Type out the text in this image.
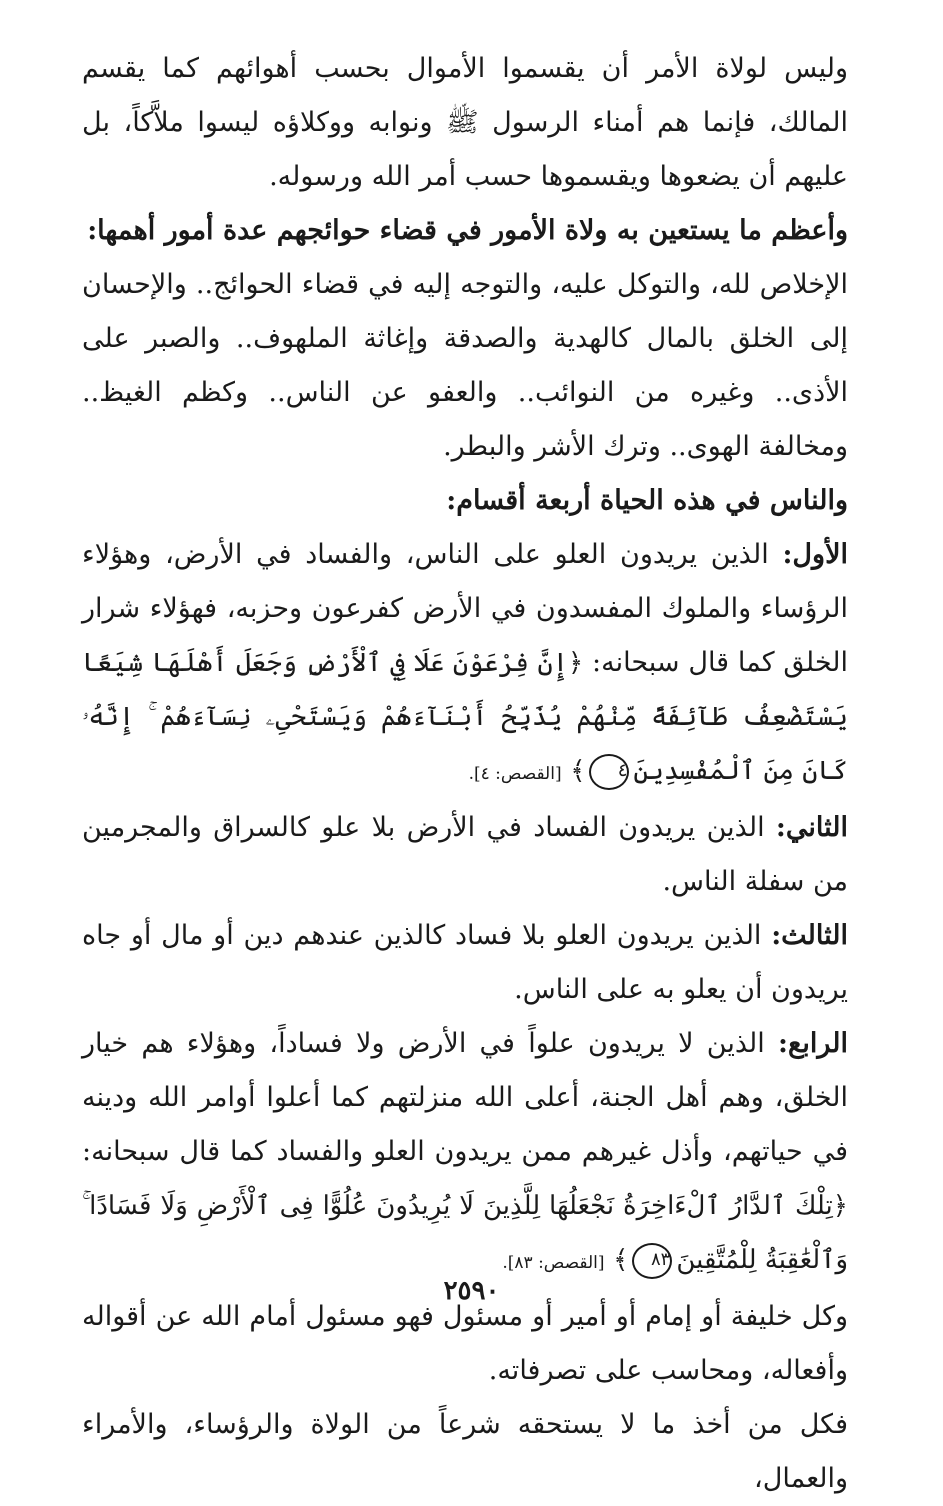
وليس لولاة الأمر أن يقسموا الأموال بحسب أهوائهم كما يقسم المالك، فإنما هم أمناء الرسول ﷺ ونوابه ووكلاؤه ليسوا ملاَّكاً، بل عليهم أن يضعوها ويقسموها حسب أمر الله ورسوله.

وأعظم ما يستعين به ولاة الأمور في قضاء حوائجهم عدة أمور أهمها:

الإخلاص لله، والتوكل عليه، والتوجه إليه في قضاء الحوائج.. والإحسان إلى الخلق بالمال كالهدية والصدقة وإغاثة الملهوف.. والصبر على الأذى.. وغيره من النوائب.. والعفو عن الناس.. وكظم الغيظ.. ومخالفة الهوى.. وترك الأشر والبطر.

والناس في هذه الحياة أربعة أقسام:

الأول: الذين يريدون العلو على الناس، والفساد في الأرض، وهؤلاء الرؤساء والملوك المفسدون في الأرض كفرعون وحزبه، فهؤلاء شرار الخلق كما قال سبحانه: ﴿إِنَّ فِرْعَوْنَ عَلَا فِي ٱلْأَرْضِ وَجَعَلَ أَهْلَهَا شِيَعًا يَسْتَضْعِفُ طَآئِفَةً مِّنْهُمْ يُذَبِّحُ أَبْنَآءَهُمْ وَيَسْتَحْىِۦ نِسَآءَهُمْ ۚ إِنَّهُۥ كَانَ مِنَ ٱلْمُفْسِدِينَ٤﴾ [القصص: ٤].

الثاني: الذين يريدون الفساد في الأرض بلا علو كالسراق والمجرمين من سفلة الناس.

الثالث: الذين يريدون العلو بلا فساد كالذين عندهم دين أو مال أو جاه يريدون أن يعلو به على الناس.

الرابع: الذين لا يريدون علواً في الأرض ولا فساداً، وهؤلاء هم خيار الخلق، وهم أهل الجنة، أعلى الله منزلتهم كما أعلوا أوامر الله ودينه في حياتهم، وأذل غيرهم ممن يريدون العلو والفساد كما قال سبحانه: ﴿تِلْكَ ٱلدَّارُ ٱلْءَاخِرَةُ نَجْعَلُهَا لِلَّذِينَ لَا يُرِيدُونَ عُلُوًّا فِى ٱلْأَرْضِ وَلَا فَسَادًا ۚ وَٱلْعَٰقِبَةُ لِلْمُتَّقِينَ٨٣﴾ [القصص: ٨٣].

وكل خليفة أو إمام أو أمير أو مسئول فهو مسئول أمام الله عن أقواله وأفعاله، ومحاسب على تصرفاته.

فكل من أخذ ما لا يستحقه شرعاً من الولاة والرؤساء، والأمراء والعمال،

٢٥٩٠
